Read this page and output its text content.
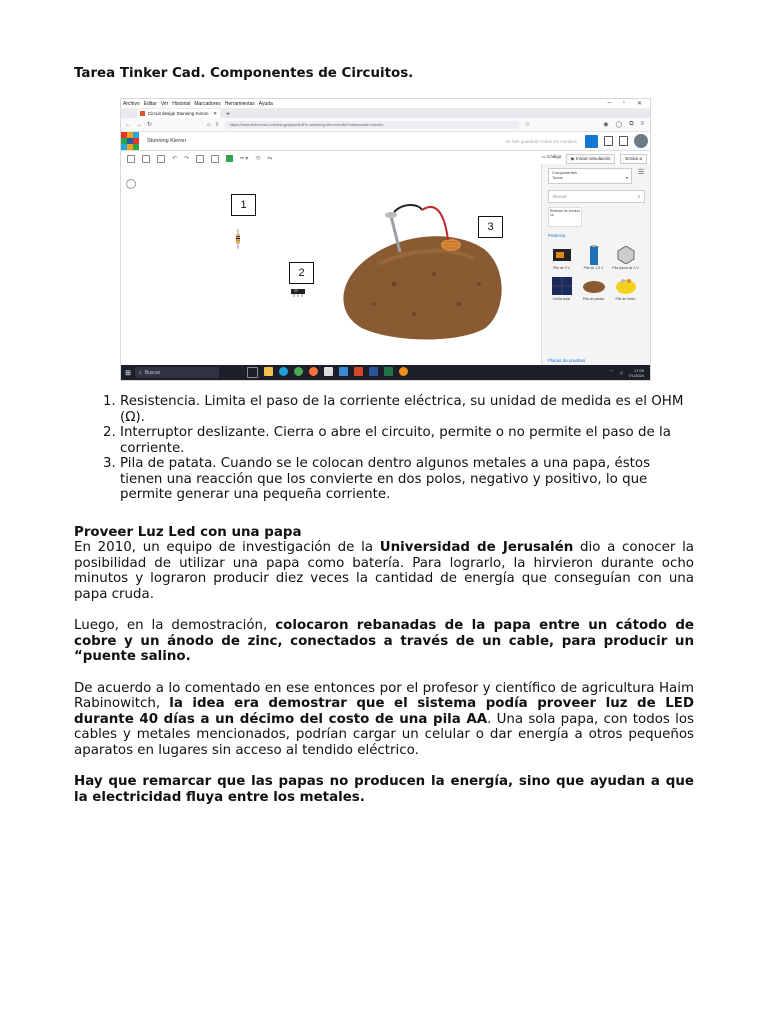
Tarea Tinker Cad. Componentes de Circuitos.
Archivo Editar Ver Historial Marcadores Herramientas Ayuda	– ▫ ✕
Circuit design Stunning Kieron ✕ +
← → ↻	⌂ ◊	https://www.tinkercad.com/things/jmpeAdF/n-stunning-kieron/editel?sharecode=circuits	☆	◉ ◯ ⧉ ≡
Stunning Kieron	Se han guardado todos los cambios
↶ ↷	━ ▾ ⟲ ⇋	▭ Código	▶ Iniciar simulación	Enviar a
1
2
3
Componentes
Todos	▾
☰
Buscar	⌕
Resistor de ohmios 1k
Potencia
Pila de 9 V	Pila de 1,5 V	Pila plana de 3 V
Celda solar	Pila de patata	Pila de limón
Placas de pruebas
⊞	⌕ Buscar	⌒ ◁	17:05
7/1/2024
1. Resistencia. Limita el paso de la corriente eléctrica, su unidad de medida es el OHM (Ω).
2. Interruptor deslizante. Cierra o abre el circuito, permite o no permite el paso de la corriente.
3. Pila de patata. Cuando se le colocan dentro algunos metales a una papa, éstos tienen una reacción que los convierte en dos polos, negativo y positivo, lo que permite generar una pequeña corriente.
Proveer Luz Led con una papa

En 2010, un equipo de investigación de la Universidad de Jerusalén dio a conocer la posibilidad de utilizar una papa como batería. Para lograrlo, la hirvieron durante ocho minutos y lograron producir diez veces la cantidad de energía que conseguían con una papa cruda.

Luego, en la demostración, colocaron rebanadas de la papa entre un cátodo de cobre y un ánodo de zinc, conectados a través de un cable, para producir un “puente salino.

De acuerdo a lo comentado en ese entonces por el profesor y científico de agricultura Haim Rabinowitch, la idea era demostrar que el sistema podía proveer luz de LED durante 40 días a un décimo del costo de una pila AA. Una sola papa, con todos los cables y metales mencionados, podrían cargar un celular o dar energía a otros pequeños aparatos en lugares sin acceso al tendido eléctrico.

Hay que remarcar que las papas no producen la energía, sino que ayudan a que la electricidad fluya entre los metales.
